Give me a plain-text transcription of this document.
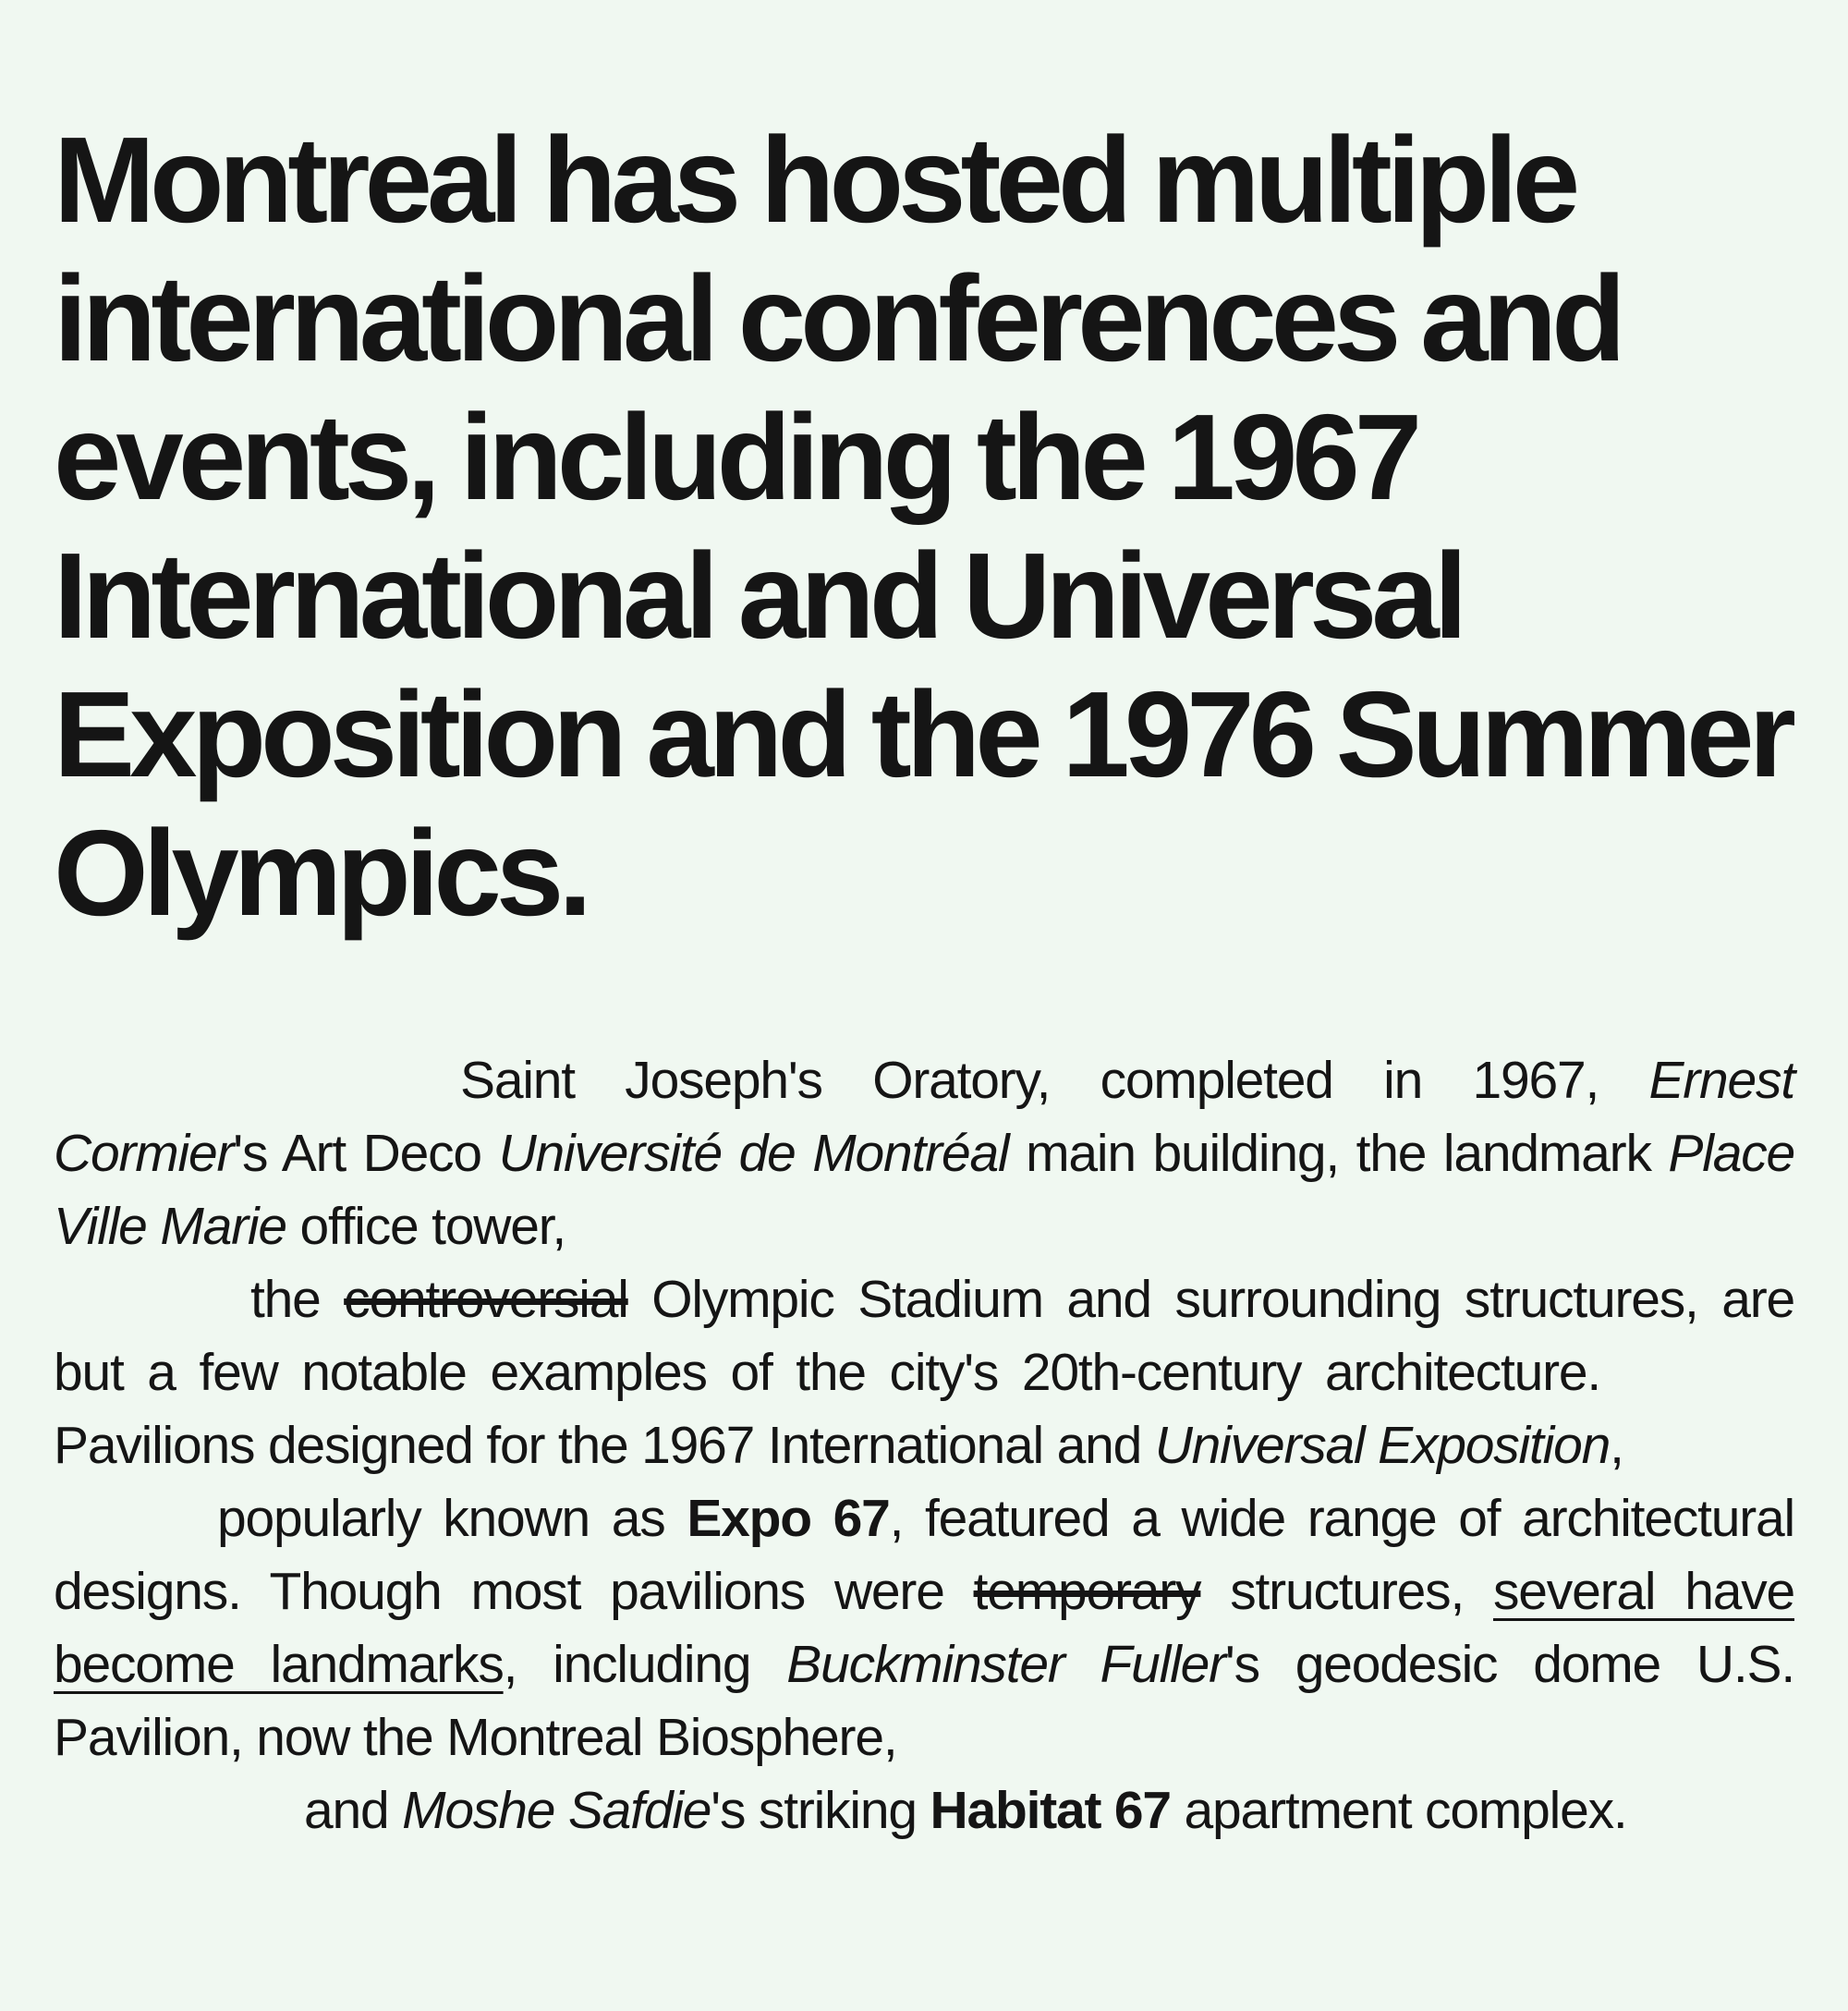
Montreal has hosted multiple international conferences and events, including the 1967 International and Universal Exposition and the 1976 Summer Olympics.

Saint Joseph's Oratory, completed in 1967, Ernest Cormier's Art Deco Université de Montréal main building, the landmark Place Ville Marie office tower,

the controversial Olympic Stadium and surrounding structures, are but a few notable examples of the city's 20th-century architecture.Pavilions designed for the 1967 International and Universal Exposition,

popularly known as Expo 67, featured a wide range of architectural designs. Though most pavilions were temporary structures, several have become landmarks, including Buckminster Fuller's geodesic dome U.S. Pavilion, now the Montreal Biosphere,

and Moshe Safdie's striking Habitat 67 apartment complex.
